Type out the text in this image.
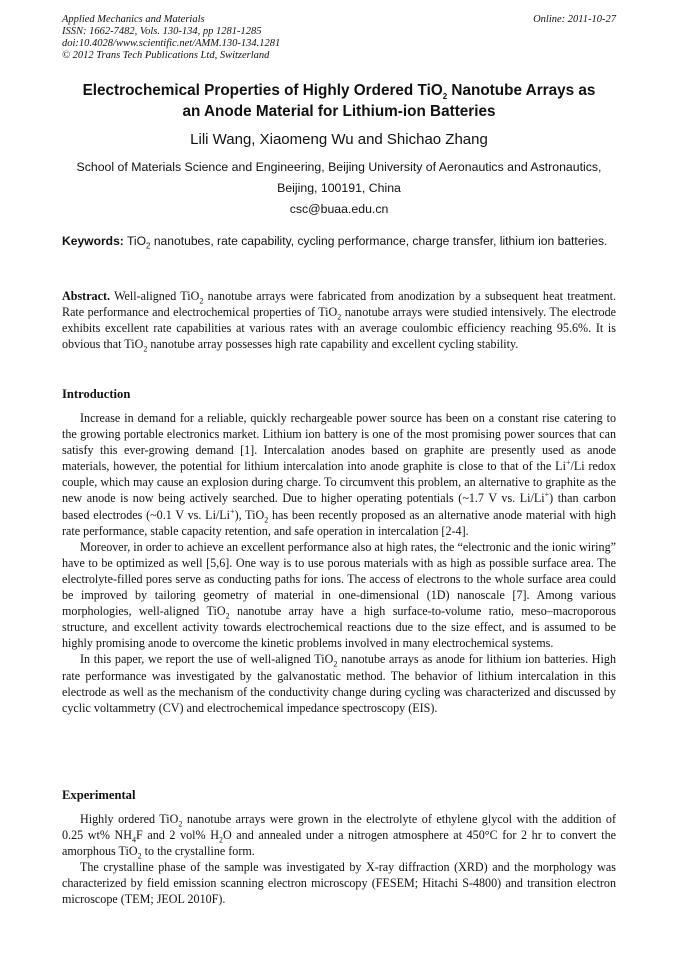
Applied Mechanics and Materials
ISSN: 1662-7482, Vols. 130-134, pp 1281-1285
doi:10.4028/www.scientific.net/AMM.130-134.1281
© 2012 Trans Tech Publications Ltd, Switzerland
Online: 2011-10-27
Electrochemical Properties of Highly Ordered TiO$_2$ Nanotube Arrays as
an Anode Material for Lithium-ion Batteries
Lili Wang, Xiaomeng Wu and Shichao Zhang
School of Materials Science and Engineering, Beijing University of Aeronautics and Astronautics,
Beijing, 100191, China
csc@buaa.edu.cn
Keywords: TiO$_2$ nanotubes, rate capability, cycling performance, charge transfer, lithium ion batteries.

Abstract. Well-aligned TiO$_2$ nanotube arrays were fabricated from anodization by a subsequent heat treatment. Rate performance and electrochemical properties of TiO$_2$ nanotube arrays were studied intensively. The electrode exhibits excellent rate capabilities at various rates with an average coulombic efficiency reaching 95.6%. It is obvious that TiO$_2$ nanotube array possesses high rate capability and excellent cycling stability.

Introduction

Increase in demand for a reliable, quickly rechargeable power source has been on a constant rise catering to the growing portable electronics market. Lithium ion battery is one of the most promising power sources that can satisfy this ever-growing demand [1]. Intercalation anodes based on graphite are presently used as anode materials, however, the potential for lithium intercalation into anode graphite is close to that of the Li+/Li redox couple, which may cause an explosion during charge. To circumvent this problem, an alternative to graphite as the new anode is now being actively searched. Due to higher operating potentials (~1.7 V vs. Li/Li+) than carbon based electrodes (~0.1 V vs. Li/Li+), TiO$_2$ has been recently proposed as an alternative anode material with high rate performance, stable capacity retention, and safe operation in intercalation [2-4].

Moreover, in order to achieve an excellent performance also at high rates, the “electronic and the ionic wiring” have to be optimized as well [5,6]. One way is to use porous materials with as high as possible surface area. The electrolyte-filled pores serve as conducting paths for ions. The access of electrons to the whole surface area could be improved by tailoring geometry of material in one-dimensional (1D) nanoscale [7]. Among various morphologies, well-aligned TiO$_2$ nanotube array have a high surface-to-volume ratio, meso–macroporous structure, and excellent activity towards electrochemical reactions due to the size effect, and is assumed to be highly promising anode to overcome the kinetic problems involved in many electrochemical systems.

In this paper, we report the use of well-aligned TiO$_2$ nanotube arrays as anode for lithium ion batteries. High rate performance was investigated by the galvanostatic method. The behavior of lithium intercalation in this electrode as well as the mechanism of the conductivity change during cycling was characterized and discussed by cyclic voltammetry (CV) and electrochemical impedance spectroscopy (EIS).

Experimental

Highly ordered TiO$_2$ nanotube arrays were grown in the electrolyte of ethylene glycol with the addition of 0.25 wt% $NH_4F$ and 2 vol% $H_2O$ and annealed under a nitrogen atmosphere at 450°C for 2 hr to convert the amorphous TiO$_2$ to the crystalline form.

The crystalline phase of the sample was investigated by X-ray diffraction (XRD) and the morphology was characterized by field emission scanning electron microscopy (FESEM; Hitachi S-4800) and transition electron microscope (TEM; JEOL 2010F).
